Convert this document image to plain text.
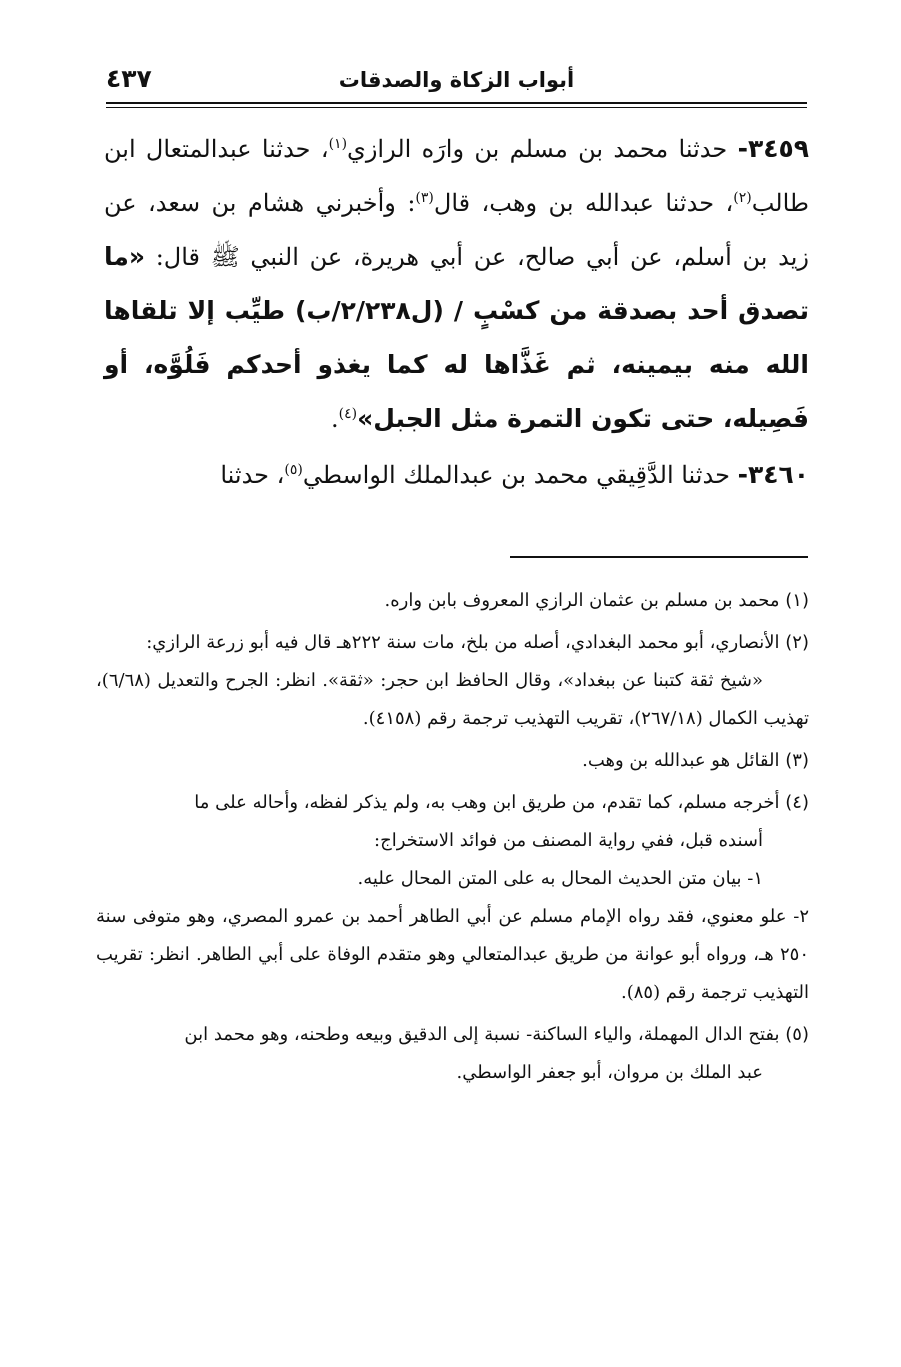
٤٣٧	أبواب الزكاة والصدقات

٣٤٥٩- حدثنا محمد بن مسلم بن وارَه الرازي$^{(١)}$، حدثنا عبدالمتعال ابن طالب$^{(٢)}$، حدثنا عبدالله بن وهب، قال$^{(٣)}$: وأخبرني هشام بن سعد، عن زيد بن أسلم، عن أبي صالح، عن أبي هريرة، عن النبي ﷺ قال: «ما تصدق أحد بصدقة من كسْبٍ / (ل٢/٢٣٨/ب) طيِّب إلا تلقاها الله منه بيمينه، ثم غَذَّاها له كما يغذو أحدكم فَلُوَّه، أو فَصِيله، حتى تكون التمرة مثل الجبل»$^{(٤)}$.

٣٤٦٠- حدثنا الدَّقِيقي محمد بن عبدالملك الواسطي$^{(٥)}$، حدثنا

(١) محمد بن مسلم بن عثمان الرازي المعروف بابن واره.

(٢) الأنصاري، أبو محمد البغدادي، أصله من بلخ، مات سنة ٢٢٢هـ قال فيه أبو زرعة الرازي:
«شيخ ثقة كتبنا عن ببغداد»، وقال الحافظ ابن حجر: «ثقة». انظر: الجرح والتعديل (٦/٦٨)، تهذيب الكمال (٢٦٧/١٨)، تقريب التهذيب ترجمة رقم (٤١٥٨).

(٣) القائل هو عبدالله بن وهب.

(٤) أخرجه مسلم، كما تقدم، من طريق ابن وهب به، ولم يذكر لفظه، وأحاله على ما
أسنده قبل، ففي رواية المصنف من فوائد الاستخراج:
١- بيان متن الحديث المحال به على المتن المحال عليه.
٢- علو معنوي، فقد رواه الإمام مسلم عن أبي الطاهر أحمد بن عمرو المصري، وهو متوفى سنة ٢٥٠ هـ، ورواه أبو عوانة من طريق عبدالمتعالي وهو متقدم الوفاة على أبي الطاهر. انظر: تقريب التهذيب ترجمة رقم (٨٥).

(٥) بفتح الدال المهملة، والياء الساكنة- نسبة إلى الدقيق وبيعه وطحنه، وهو محمد ابن
عبد الملك بن مروان، أبو جعفر الواسطي.
